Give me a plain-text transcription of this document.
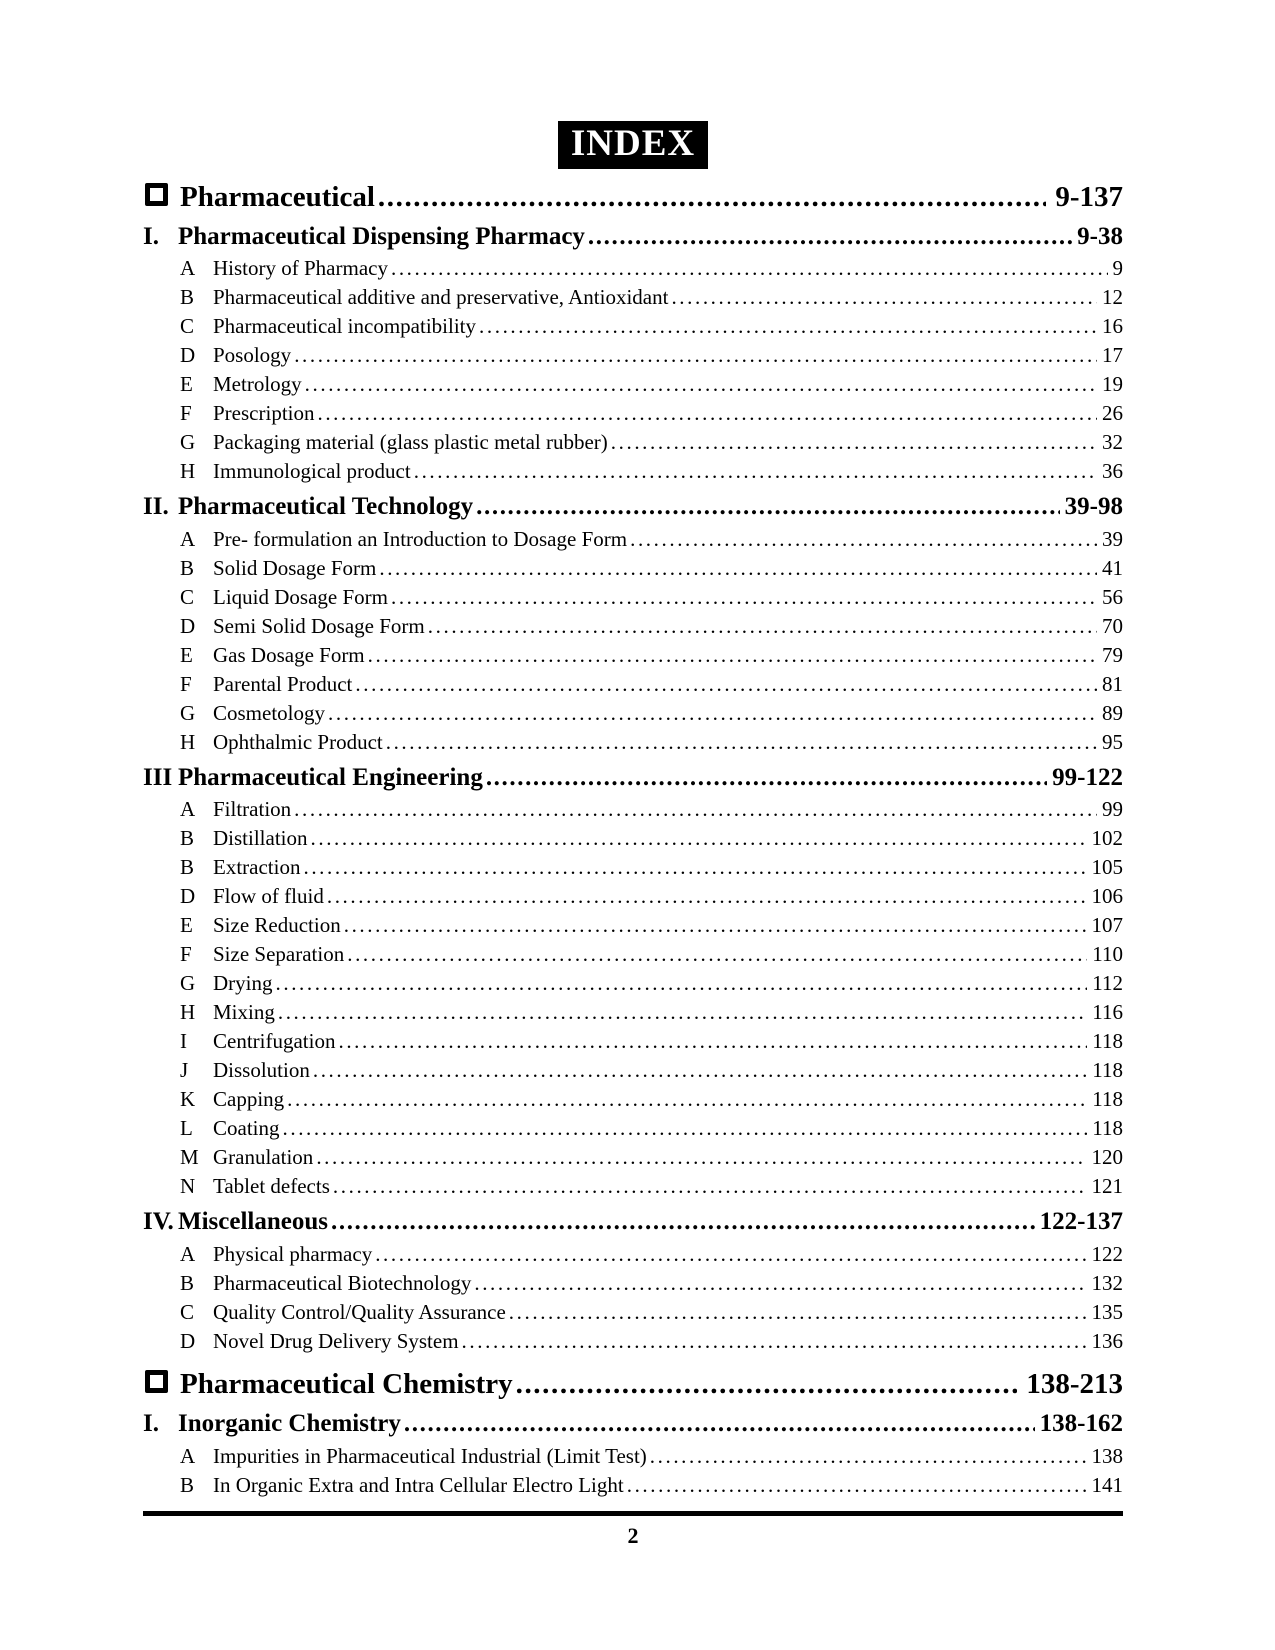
INDEX
Pharmaceutical .....	9-137
I. Pharmaceutical Dispensing Pharmacy .....	9-38
A History of Pharmacy .....	9
B Pharmaceutical additive and preservative, Antioxidant .....	12
C Pharmaceutical incompatibility .....	16
D Posology .....	17
E Metrology .....	19
F	Prescription .....	26
G Packaging material (glass plastic metal rubber) .....	32
H Immunological product .....	36
II. Pharmaceutical Technology .....	39-98
A Pre- formulation an Introduction to Dosage Form .....	39
B Solid Dosage Form .....	41
C Liquid Dosage Form .....	56
D Semi Solid Dosage Form .....	70
E Gas Dosage Form .....	79
F	Parental Product .....	81
G Cosmetology .....	89
H Ophthalmic Product .....	95
III Pharmaceutical Engineering .....	99-122
A Filtration .....	99
B Distillation .....	102
B Extraction .....	105
D Flow of fluid .....	106
E Size Reduction .....	107
F	Size Separation .....	110
G Drying .....	112
H Mixing .....	116
I	Centrifugation .....	118
J	Dissolution .....	118
K Capping .....	118
L Coating .....	118
M Granulation .....	120
N Tablet defects .....	121
IV. Miscellaneous .....	122-137
A Physical pharmacy .....	122
B Pharmaceutical Biotechnology .....	132
C Quality Control/Quality Assurance .....	135
D Novel Drug Delivery System .....	136
Pharmaceutical Chemistry .....	138-213
I. Inorganic Chemistry .....	138-162
A Impurities in Pharmaceutical Industrial (Limit Test) .....	138
B In Organic Extra and Intra Cellular Electro Light .....	141
2
